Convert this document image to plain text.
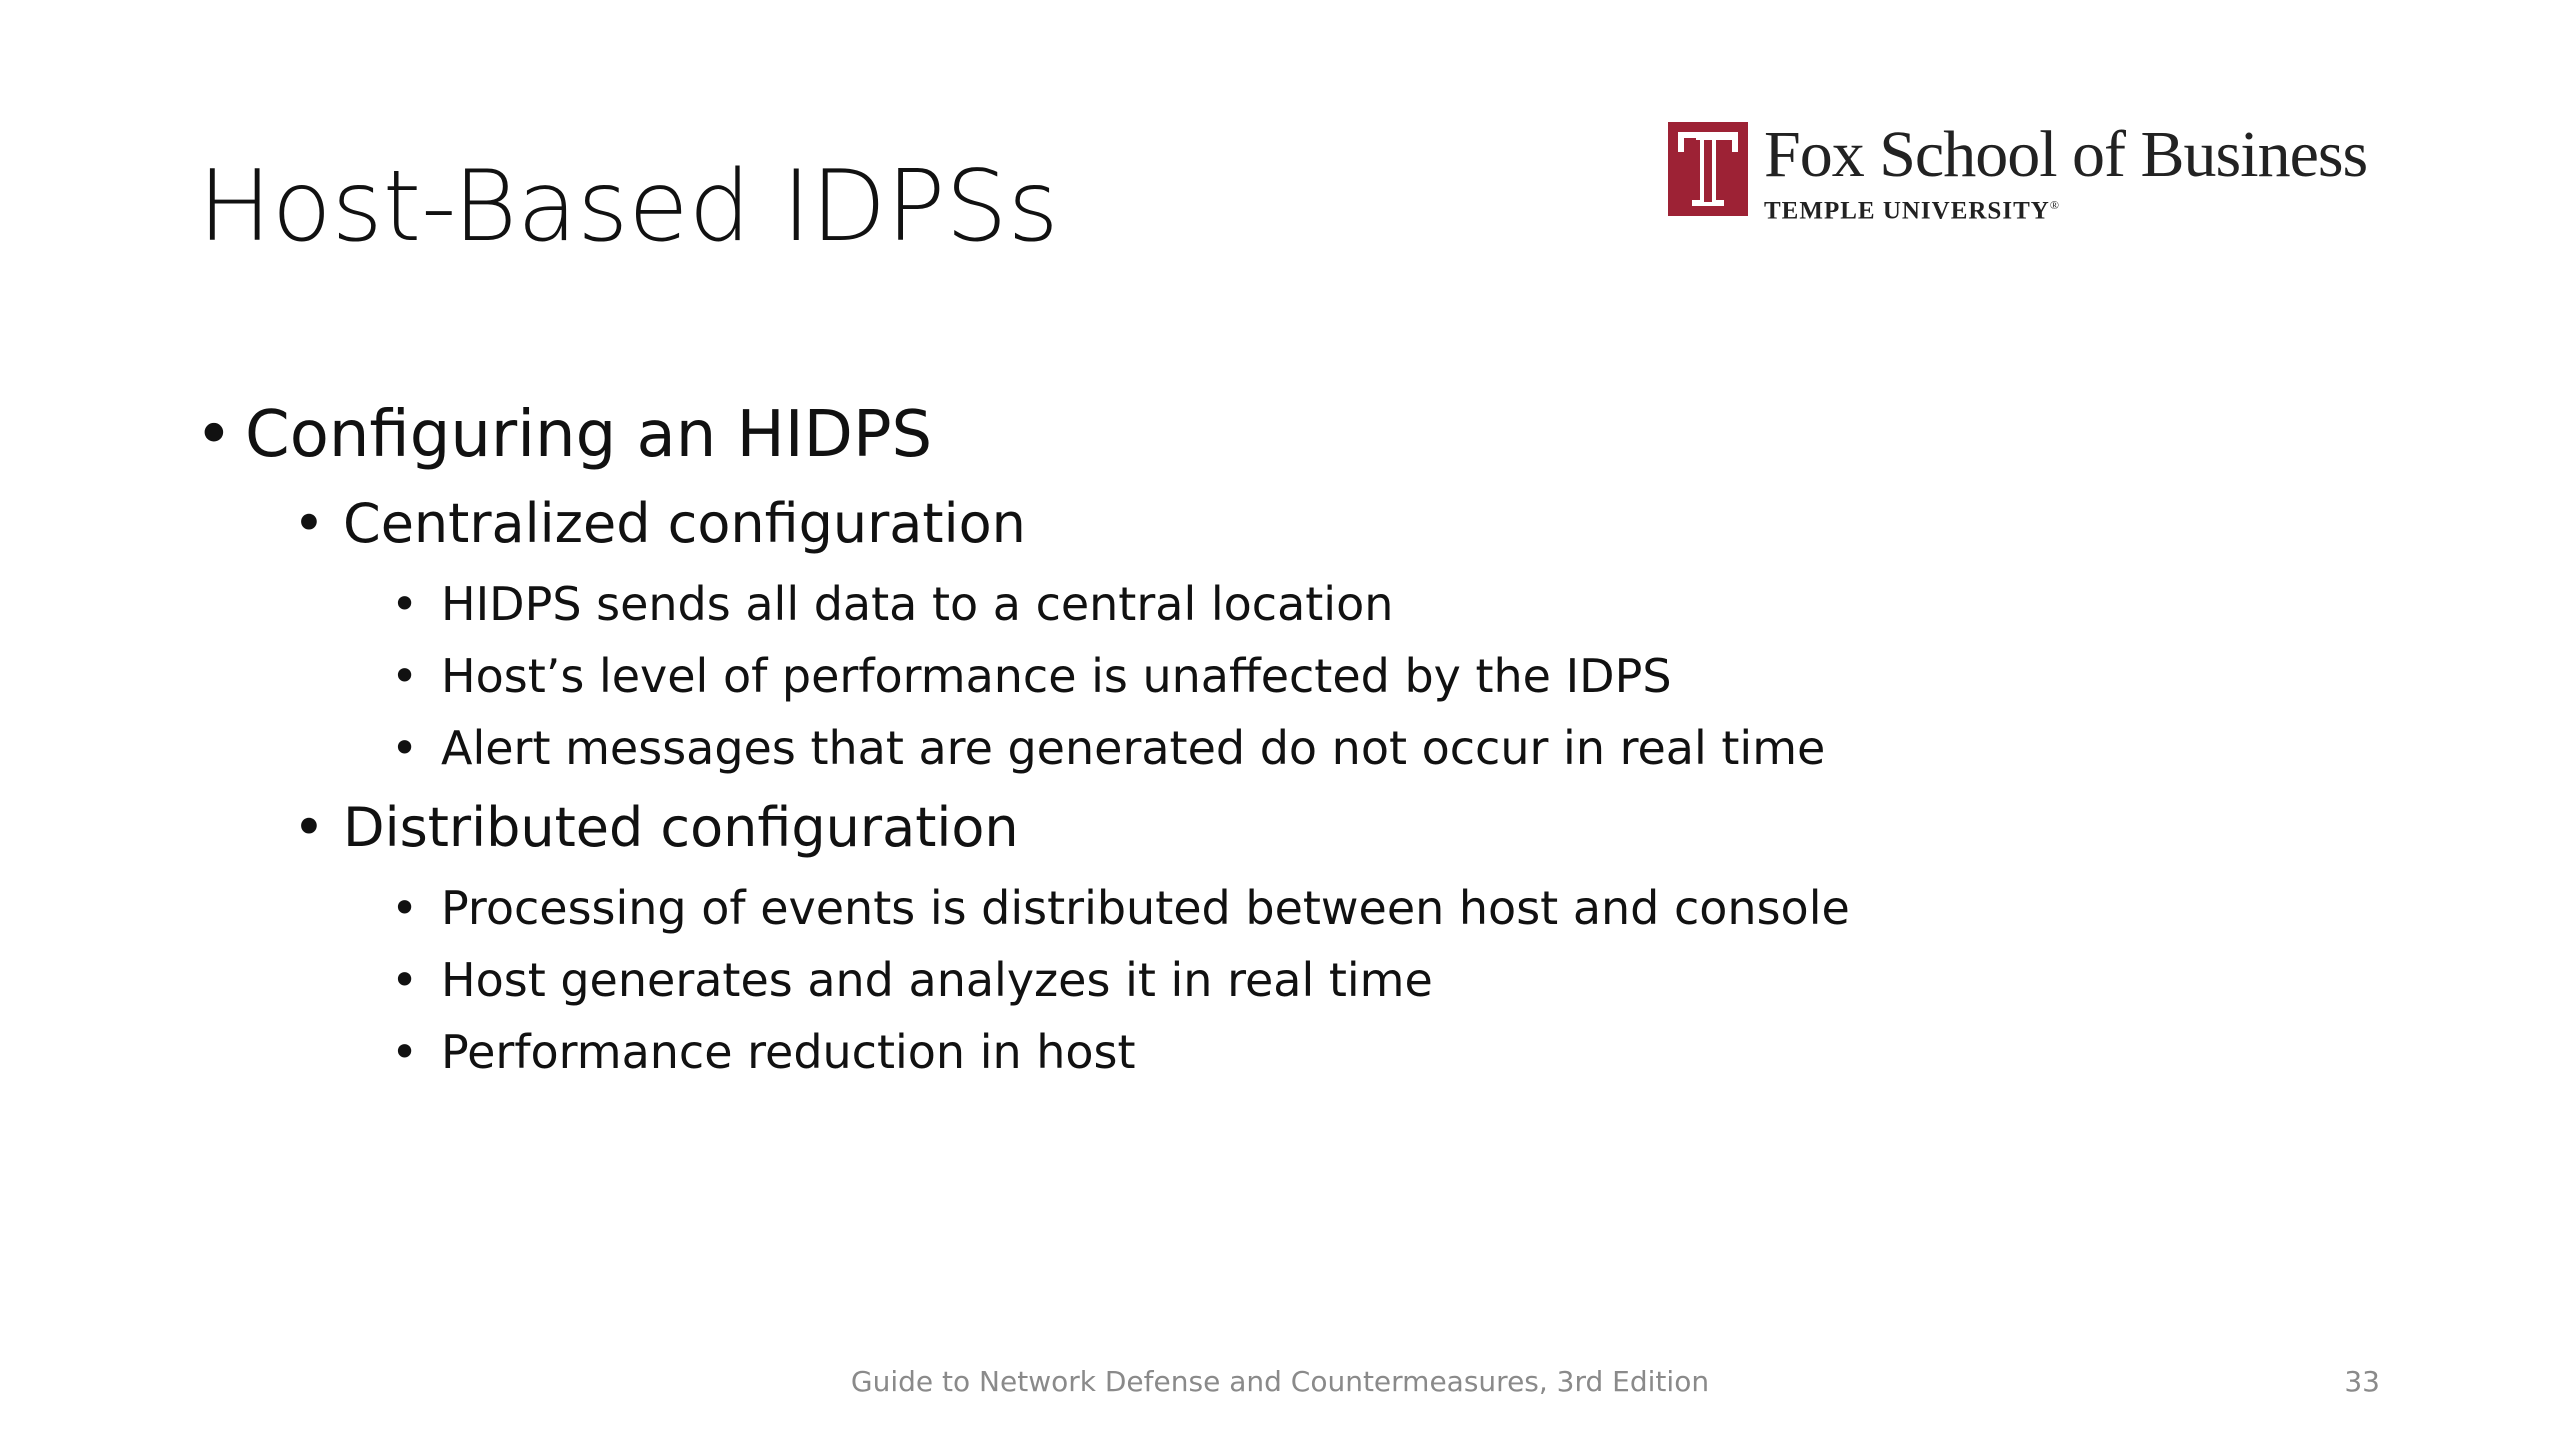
Host-Based IDPSs	Fox School of Business
TEMPLE UNIVERSITY®
• Configuring an HIDPS
• Centralized configuration
• HIDPS sends all data to a central location
• Host’s level of performance is unaffected by the IDPS
• Alert messages that are generated do not occur in real time
• Distributed configuration
• Processing of events is distributed between host and console
• Host generates and analyzes it in real time
• Performance reduction in host
Guide to Network Defense and Countermeasures, 3rd Edition	33
